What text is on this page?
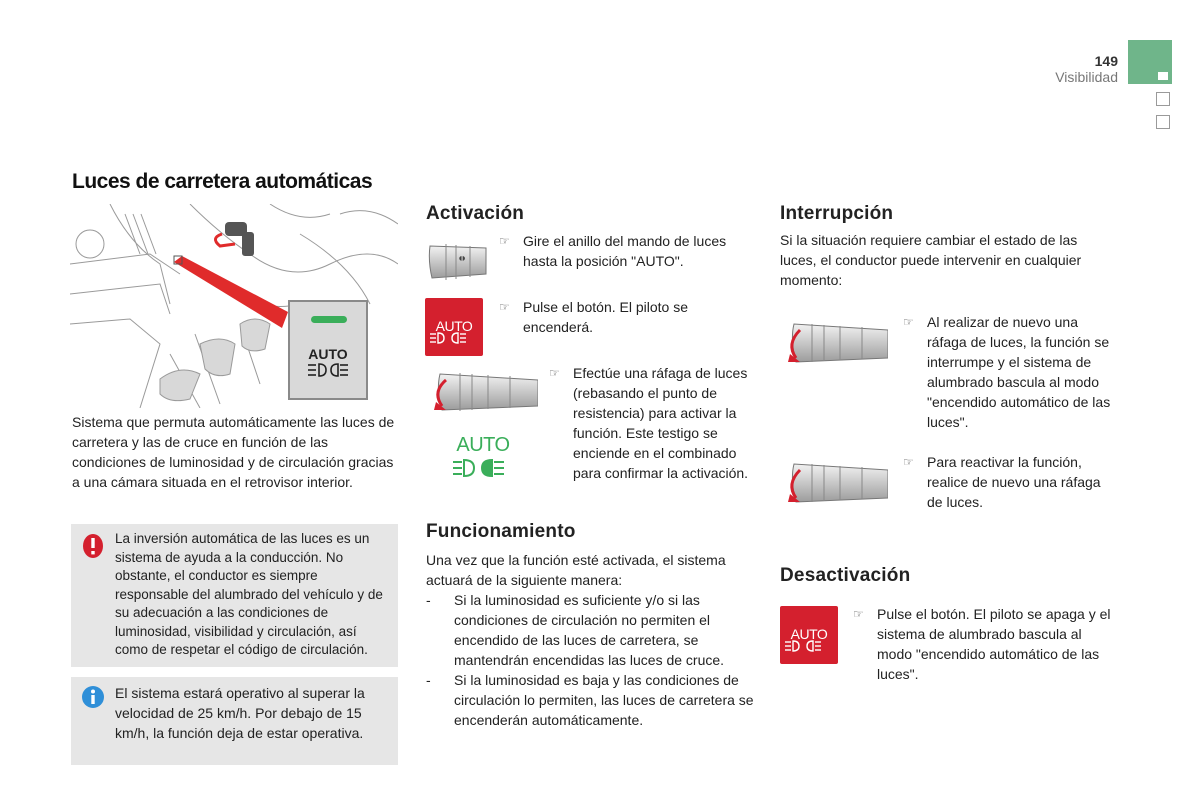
149
Visibilidad
Luces de carretera automáticas
AUTO
Sistema que permuta automáticamente las luces de carretera y las de cruce en función de las condiciones de luminosidad y de circulación gracias a una cámara situada en el retrovisor interior.
La inversión automática de las luces es un sistema de ayuda a la conducción. No obstante, el conductor es siempre responsable del alumbrado del vehículo y de su adecuación a las condiciones de luminosidad, visibilidad y circulación, así como de respetar el código de circulación.
El sistema estará operativo al superar la velocidad de 25 km/h. Por debajo de 15 km/h, la función deja de estar operativa.
Activación
◖◗
☞ Gire el anillo del mando de luces hasta la posición "AUTO".
AUTO
☞ Pulse el botón. El piloto se encenderá.
AUTO
☞ Efectúe una ráfaga de luces (rebasando el punto de resistencia) para activar la función. Este testigo se enciende en el combinado para confirmar la activación.
Funcionamiento
Una vez que la función esté activada, el sistema actuará de la siguiente manera:
- Si la luminosidad es suficiente y/o si las condiciones de circulación no permiten el encendido de las luces de carretera, se mantendrán encendidas las luces de cruce.
- Si la luminosidad es baja y las condiciones de circulación lo permiten, las luces de carretera se encenderán automáticamente.
Interrupción
Si la situación requiere cambiar el estado de las luces, el conductor puede intervenir en cualquier momento:
☞ Al realizar de nuevo una ráfaga de luces, la función se interrumpe y el sistema de alumbrado bascula al modo "encendido automático de las luces".
☞ Para reactivar la función, realice de nuevo una ráfaga de luces.
Desactivación
AUTO
☞ Pulse el botón. El piloto se apaga y el sistema de alumbrado bascula al modo "encendido automático de las luces".
